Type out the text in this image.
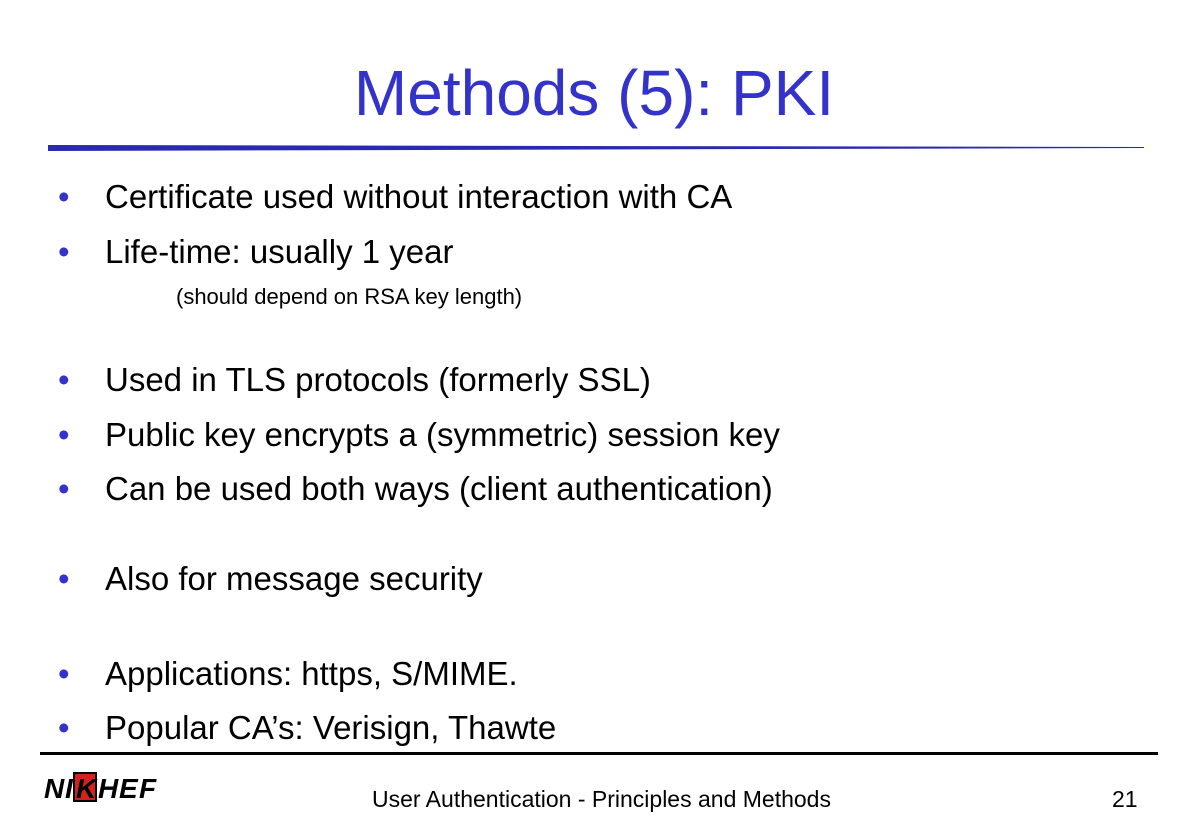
Methods (5): PKI
• Certificate used without interaction with CA
• Life-time: usually 1 year
• Used in TLS protocols (formerly SSL)
• Public key encrypts a (symmetric) session key
• Can be used both ways (client authentication)
• Also for message security
• Applications: https, S/MIME.
• Popular CA’s: Verisign, Thawte
(should depend on RSA key length)
N I K H E F	User Authentication - Principles and Methods	21
